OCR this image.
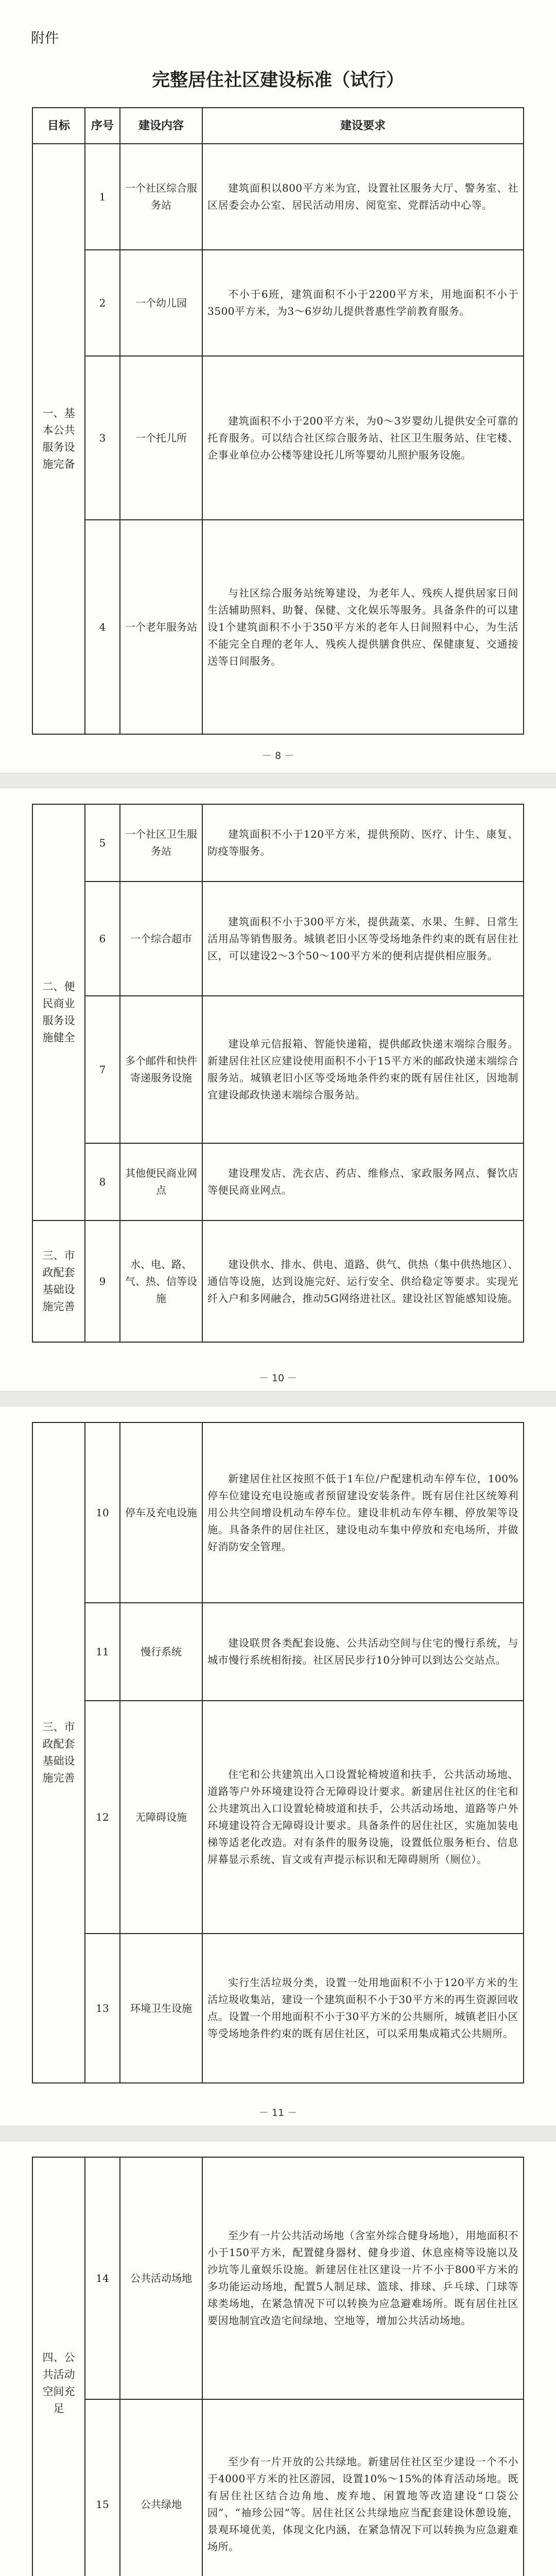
附件
完整居住社区建设标准（试行）
目标	序号	建设内容	建设要求
一、基本公共服务设施完备	1	一个社区综合服务站	建筑面积以800平方米为宜，设置社区服务大厅、警务室、社区居委会办公室、居民活动用房、阅览室、党群活动中心等。
	2	一个幼儿园	不小于6班，建筑面积不小于2200平方米，用地面积不小于3500平方米，为3～6岁幼儿提供普惠性学前教育服务。
	3	一个托儿所	建筑面积不小于200平方米，为0～3岁婴幼儿提供安全可靠的托育服务。可以结合社区综合服务站、社区卫生服务站、住宅楼、企事业单位办公楼等建设托儿所等婴幼儿照护服务设施。
	4	一个老年服务站	与社区综合服务站统筹建设，为老年人、残疾人提供居家日间生活辅助照料、助餐、保健、文化娱乐等服务。具备条件的可以建设1个建筑面积不小于350平方米的老年人日间照料中心，为生活不能完全自理的老年人、残疾人提供膳食供应、保健康复、交通接送等日间服务。
－ 8 －
二、便民商业服务设施健全	5	一个社区卫生服务站	建筑面积不小于120平方米，提供预防、医疗、计生、康复、防疫等服务。
	6	一个综合超市	建筑面积不小于300平方米，提供蔬菜、水果、生鲜、日常生活用品等销售服务。城镇老旧小区等受场地条件约束的既有居住社区，可以建设2～3个50～100平方米的便利店提供相应服务。
	7	多个邮件和快件寄递服务设施	建设单元信报箱、智能快递箱，提供邮政快递末端综合服务。新建居住社区应建设使用面积不小于15平方米的邮政快递末端综合服务站。城镇老旧小区等受场地条件约束的既有居住社区，因地制宜建设邮政快递末端综合服务站。
	8	其他便民商业网点	建设理发店、洗衣店、药店、维修点、家政服务网点、餐饮店等便民商业网点。
三、市政配套基础设施完善	9	水、电、路、气、热、信等设施	建设供水、排水、供电、道路、供气、供热（集中供热地区）、通信等设施，达到设施完好、运行安全、供给稳定等要求。实现光纤入户和多网融合，推动5G网络进社区。建设社区智能感知设施。
－ 10 －
三、市政配套基础设施完善	10	停车及充电设施	新建居住社区按照不低于1车位/户配建机动车停车位，100%停车位建设充电设施或者预留建设安装条件。既有居住社区统筹利用公共空间增设机动车停车位。建设非机动车停车棚、停放架等设施。具备条件的居住社区，建设电动车集中停放和充电场所，并做好消防安全管理。
	11	慢行系统	建设联贯各类配套设施、公共活动空间与住宅的慢行系统，与城市慢行系统相衔接。社区居民步行10分钟可以到达公交站点。
	12	无障碍设施	住宅和公共建筑出入口设置轮椅坡道和扶手，公共活动场地、道路等户外环境建设符合无障碍设计要求。新建居住社区的住宅和公共建筑出入口设置轮椅坡道和扶手，公共活动场地、道路等户外环境建设符合无障碍设计要求。具备条件的居住社区，实施加装电梯等适老化改造。对有条件的服务设施，设置低位服务柜台、信息屏幕显示系统、盲文或有声提示标识和无障碍厕所（厕位）。
	13	环境卫生设施	实行生活垃圾分类，设置一处用地面积不小于120平方米的生活垃圾收集站，建设一个建筑面积不小于30平方米的再生资源回收点。设置一个用地面积不小于30平方米的公共厕所，城镇老旧小区等受场地条件约束的既有居住社区，可以采用集成箱式公共厕所。
－ 11 －
四、公共活动空间充足	14	公共活动场地	至少有一片公共活动场地（含室外综合健身场地），用地面积不小于150平方米，配置健身器材、健身步道、休息座椅等设施以及沙坑等儿童娱乐设施。新建居住社区建设一片不小于800平方米的多功能运动场地，配置5人制足球、篮球、排球、乒乓球、门球等球类场地，在紧急情况下可以转换为应急避难场所。既有居住社区要因地制宜改造宅间绿地、空地等，增加公共活动场地。
	15	公共绿地	至少有一片开放的公共绿地。新建居住社区至少建设一个不小于4000平方米的社区游园，设置10%～15%的体育活动场地。既有居住社区结合边角地、废弃地、闲置地等改造建设“口袋公园”、“袖珍公园”等。居住社区公共绿地应当配套建设休憩设施，景观环境优美，体现文化内涵，在紧急情况下可以转换为应急避难场所。
